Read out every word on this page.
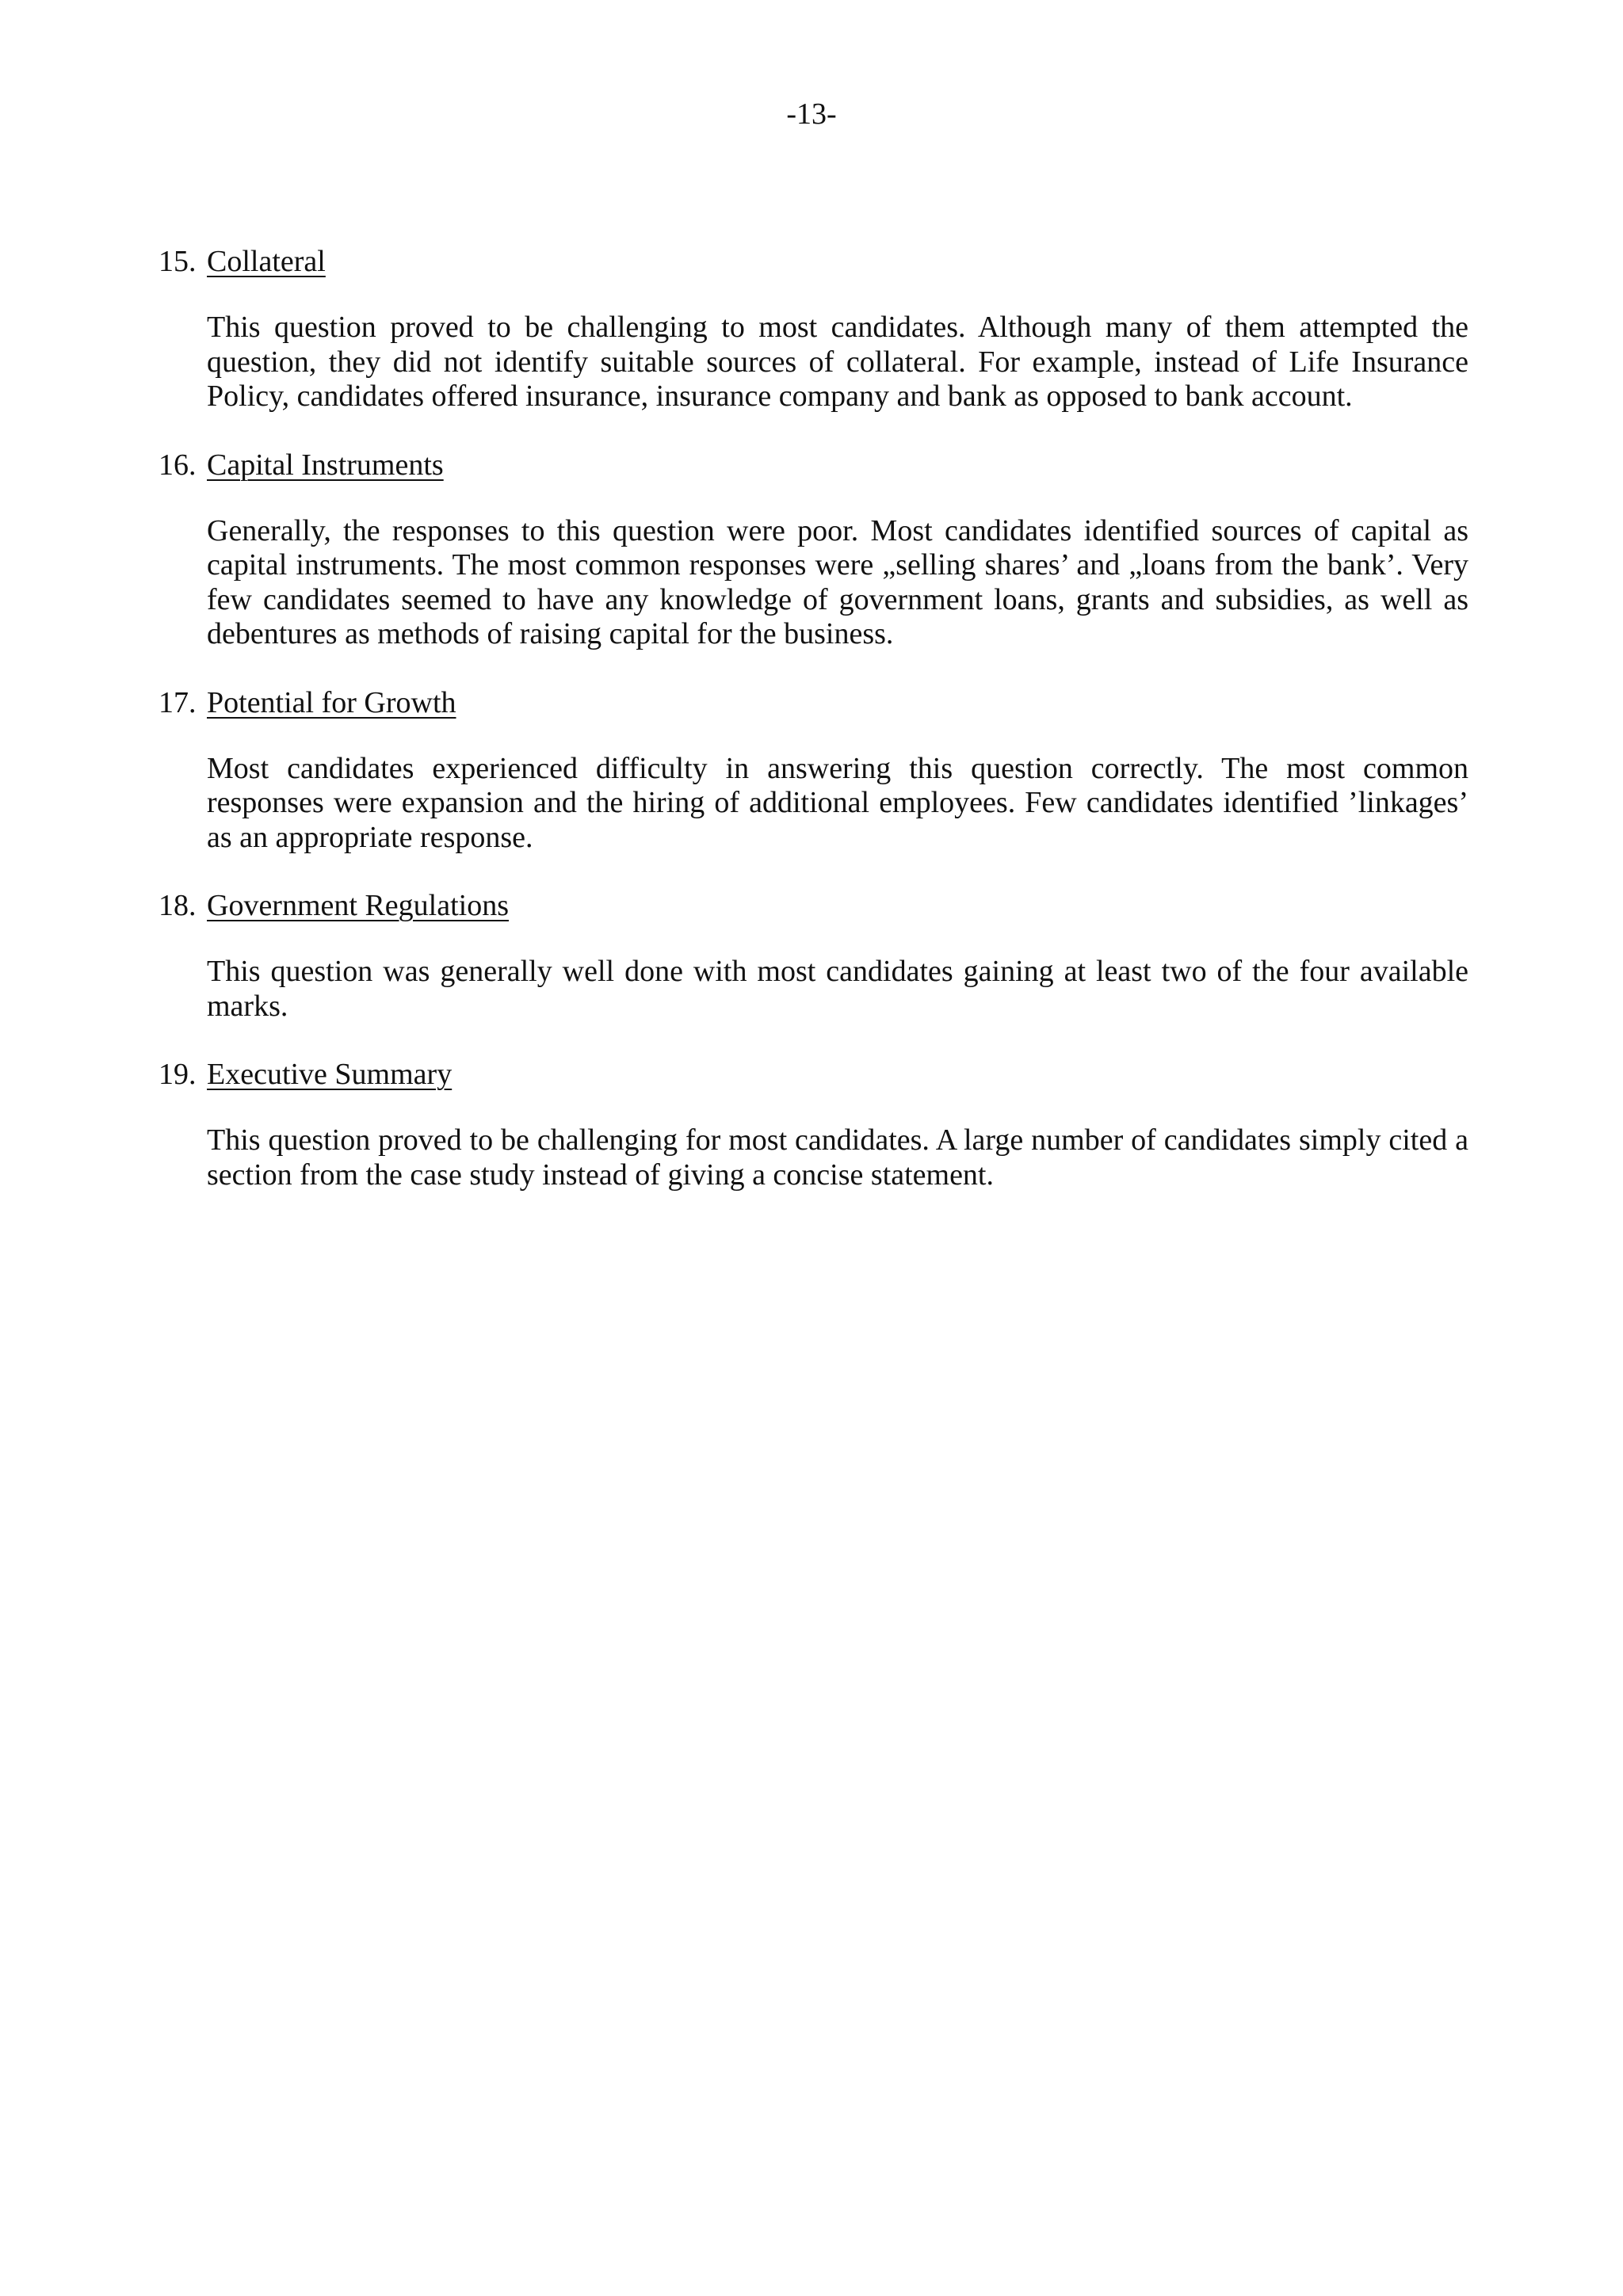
-13-
15. Collateral
This question proved to be challenging to most candidates. Although many of them attempted the question, they did not identify suitable sources of collateral. For example, instead of Life Insurance Policy, candidates offered insurance, insurance company and bank as opposed to bank account.
16. Capital Instruments
Generally, the responses to this question were poor. Most candidates identified sources of capital as capital instruments. The most common responses were „selling shares’ and „loans from the bank’. Very few candidates seemed to have any knowledge of government loans, grants and subsidies, as well as debentures as methods of raising capital for the business.
17. Potential for Growth
Most candidates experienced difficulty in answering this question correctly. The most common responses were expansion and the hiring of additional employees. Few candidates identified ’linkages’ as an appropriate response.
18. Government Regulations
This question was generally well done with most candidates gaining at least two of the four available marks.
19. Executive Summary
This question proved to be challenging for most candidates. A large number of candidates simply cited a section from the case study instead of giving a concise statement.
